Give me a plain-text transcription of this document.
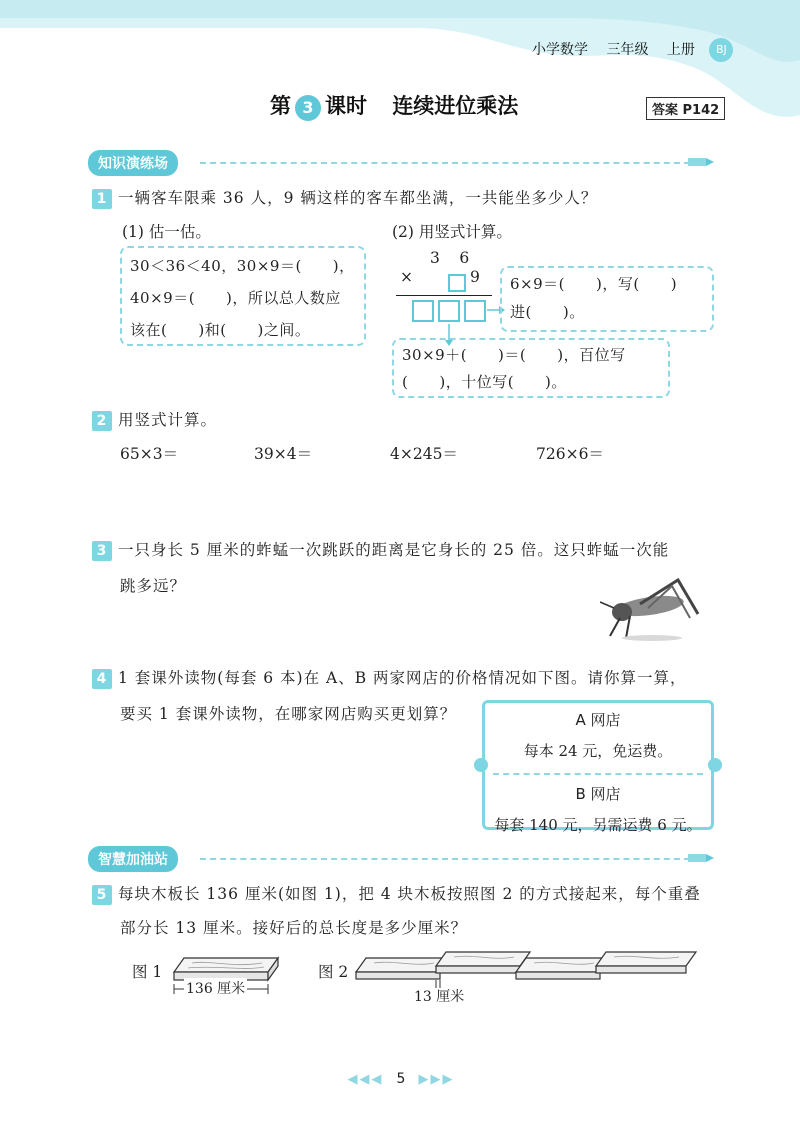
小学数学 三年级 上册 BJ
第 3 课时 连续进位乘法	答案 P142
知识演练场
1 一辆客车限乘 36 人，9 辆这样的客车都坐满，一共能坐多少人？
(1) 估一估。
30＜36＜40，30×9＝(　　)，
40×9＝(　　)，所以总人数应
该在(　　)和(　　)之间。
(2) 用竖式计算。
3　6
×	9 6×9＝(　　)，写(　　)
进(　　)。
30×9＋(　　)＝(　　)，百位写
(　　)，十位写(　　)。
2 用竖式计算。
65×3＝	39×4＝	4×245＝	726×6＝
3 一只身长 5 厘米的蚱蜢一次跳跃的距离是它身长的 25 倍。这只蚱蜢一次能
跳多远？
4 1 套课外读物(每套 6 本)在 A、B 两家网店的价格情况如下图。请你算一算，
要买 1 套课外读物，在哪家网店购买更划算？	A 网店
每本 24 元，免运费。
B 网店
每套 140 元，另需运费 6 元。
智慧加油站
5 每块木板长 136 厘米(如图 1)，把 4 块木板按照图 2 的方式接起来，每个重叠
部分长 13 厘米。接好后的总长度是多少厘米？
图 1
136 厘米
图 2
13 厘米
◀◀◀ 5 ▶▶▶
